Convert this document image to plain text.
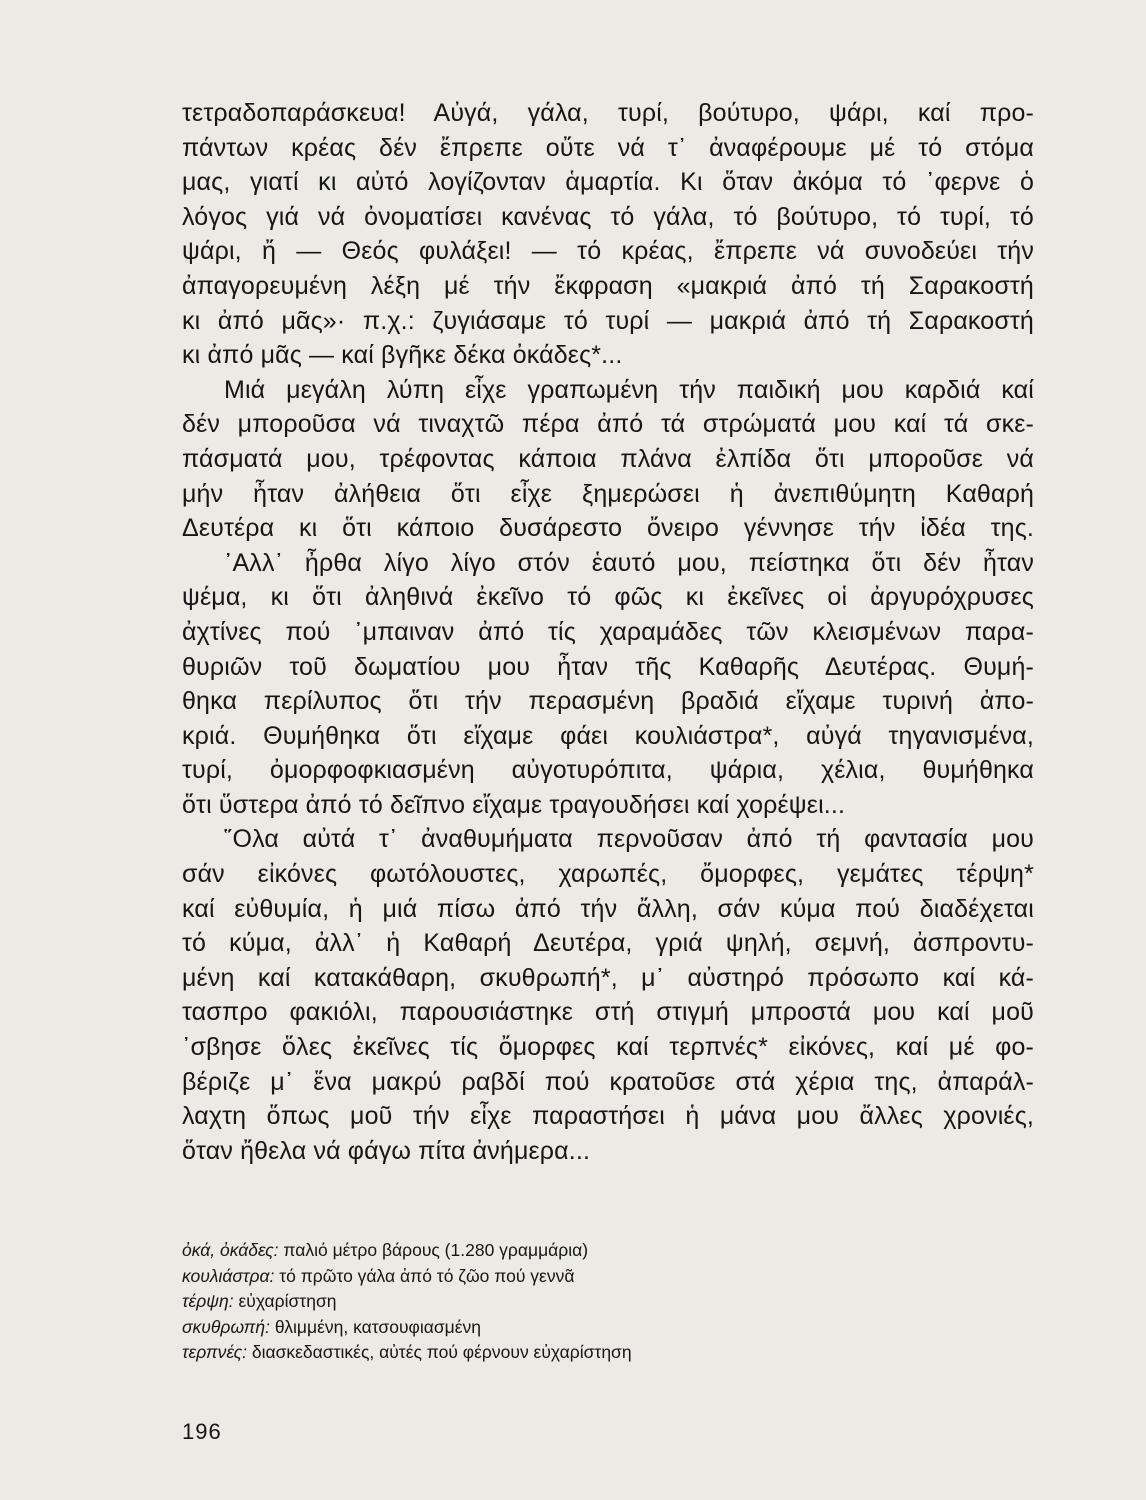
τετραδοπαράσκευα! Αὐγά, γάλα, τυρί, βούτυρο, ψάρι, καί προ-
πάντων κρέας δέν ἔπρεπε οὔτε νά τ᾿ ἀναφέρουμε μέ τό στόμα
μας, γιατί κι αὐτό λογίζονταν ἁμαρτία. Κι ὅταν ἀκόμα τό ᾿φερνε ὁ
λόγος γιά νά ὀνοματίσει κανένας τό γάλα, τό βούτυρο, τό τυρί, τό
ψάρι, ἤ — Θεός φυλάξει! — τό κρέας, ἔπρεπε νά συνοδεύει τήν
ἀπαγορευμένη λέξη μέ τήν ἔκφραση «μακριά ἀπό τή Σαρακοστή
κι ἀπό μᾶς»· π.χ.: ζυγιάσαμε τό τυρί — μακριά ἀπό τή Σαρακοστή
κι ἀπό μᾶς — καί βγῆκε δέκα ὀκάδες*...
Μιά μεγάλη λύπη εἶχε γραπωμένη τήν παιδική μου καρδιά καί
δέν μποροῦσα νά τιναχτῶ πέρα ἀπό τά στρώματά μου καί τά σκε-
πάσματά μου, τρέφοντας κάποια πλάνα ἐλπίδα ὅτι μποροῦσε νά
μήν ἦταν ἀλήθεια ὅτι εἶχε ξημερώσει ἡ ἀνεπιθύμητη Καθαρή
Δευτέρα κι ὅτι κάποιο δυσάρεστο ὄνειρο γέννησε τήν ἰδέα της.
᾿Αλλ᾿ ἦρθα λίγο λίγο στόν ἑαυτό μου, πείστηκα ὅτι δέν ἦταν
ψέμα, κι ὅτι ἀληθινά ἐκεῖνο τό φῶς κι ἐκεῖνες οἱ ἀργυρόχρυσες
ἀχτίνες πού ᾿μπαιναν ἀπό τίς χαραμάδες τῶν κλεισμένων παρα-
θυριῶν τοῦ δωματίου μου ἦταν τῆς Καθαρῆς Δευτέρας. Θυμή-
θηκα περίλυπος ὅτι τήν περασμένη βραδιά εἴχαμε τυρινή ἀπο-
κριά. Θυμήθηκα ὅτι εἴχαμε φάει κουλιάστρα*, αὐγά τηγανισμένα,
τυρί, ὀμορφοφκιασμένη αὐγοτυρόπιτα, ψάρια, χέλια, θυμήθηκα
ὅτι ὕστερα ἀπό τό δεῖπνο εἴχαμε τραγουδήσει καί χορέψει...
῞Ολα αὐτά τ᾿ ἀναθυμήματα περνοῦσαν ἀπό τή φαντασία μου
σάν εἰκόνες φωτόλουστες, χαρωπές, ὄμορφες, γεμάτες τέρψη*
καί εὐθυμία, ἡ μιά πίσω ἀπό τήν ἄλλη, σάν κύμα πού διαδέχεται
τό κύμα, ἀλλ᾿ ἡ Καθαρή Δευτέρα, γριά ψηλή, σεμνή, ἀσπροντυ-
μένη καί κατακάθαρη, σκυθρωπή*, μ᾿ αὐστηρό πρόσωπο καί κά-
τασπρο φακιόλι, παρουσιάστηκε στή στιγμή μπροστά μου καί μοῦ
᾿σβησε ὅλες ἐκεῖνες τίς ὄμορφες καί τερπνές* εἰκόνες, καί μέ φο-
βέριζε μ᾿ ἕνα μακρύ ραβδί πού κρατοῦσε στά χέρια της, ἀπαράλ-
λαχτη ὅπως μοῦ τήν εἶχε παραστήσει ἡ μάνα μου ἄλλες χρονιές,
ὅταν ἤθελα νά φάγω πίτα ἀνήμερα...
ὀκά, ὀκάδες: παλιό μέτρο βάρους (1.280 γραμμάρια)
κουλιάστρα: τό πρῶτο γάλα ἀπό τό ζῶο πού γεννᾶ
τέρψη: εὐχαρίστηση
σκυθρωπή: θλιμμένη, κατσουφιασμένη
τερπνές: διασκεδαστικές, αὐτές πού φέρνουν εὐχαρίστηση
196
